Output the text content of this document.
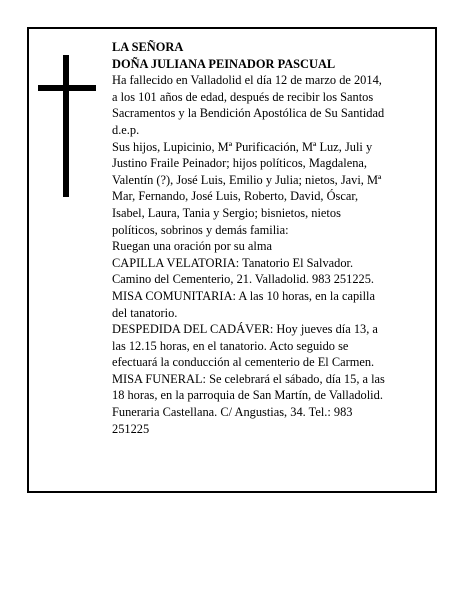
LA SEÑORA
DOÑA JULIANA PEINADOR PASCUAL
Ha fallecido en Valladolid el día 12 de marzo de 2014,
a los 101 años de edad, después de recibir los Santos
Sacramentos y la Bendición Apostólica de Su Santidad
d.e.p.
Sus hijos, Lupicinio, Mª Purificación, Mª Luz, Juli y
Justino Fraile Peinador; hijos políticos, Magdalena,
Valentín (?), José Luis, Emilio y Julia; nietos, Javi, Mª
Mar, Fernando, José Luis, Roberto, David, Óscar,
Isabel, Laura, Tania y Sergio; bisnietos, nietos
políticos, sobrinos y demás familia:
Ruegan una oración por su alma
CAPILLA VELATORIA: Tanatorio El Salvador.
Camino del Cementerio, 21. Valladolid. 983 251225.
MISA COMUNITARIA: A las 10 horas, en la capilla
del tanatorio.
DESPEDIDA DEL CADÁVER: Hoy jueves día 13, a
las 12.15 horas, en el tanatorio. Acto seguido se
efectuará la conducción al cementerio de El Carmen.
MISA FUNERAL: Se celebrará el sábado, día 15, a las
18 horas, en la parroquia de San Martín, de Valladolid.
Funeraria Castellana. C/ Angustias, 34. Tel.: 983
251225
